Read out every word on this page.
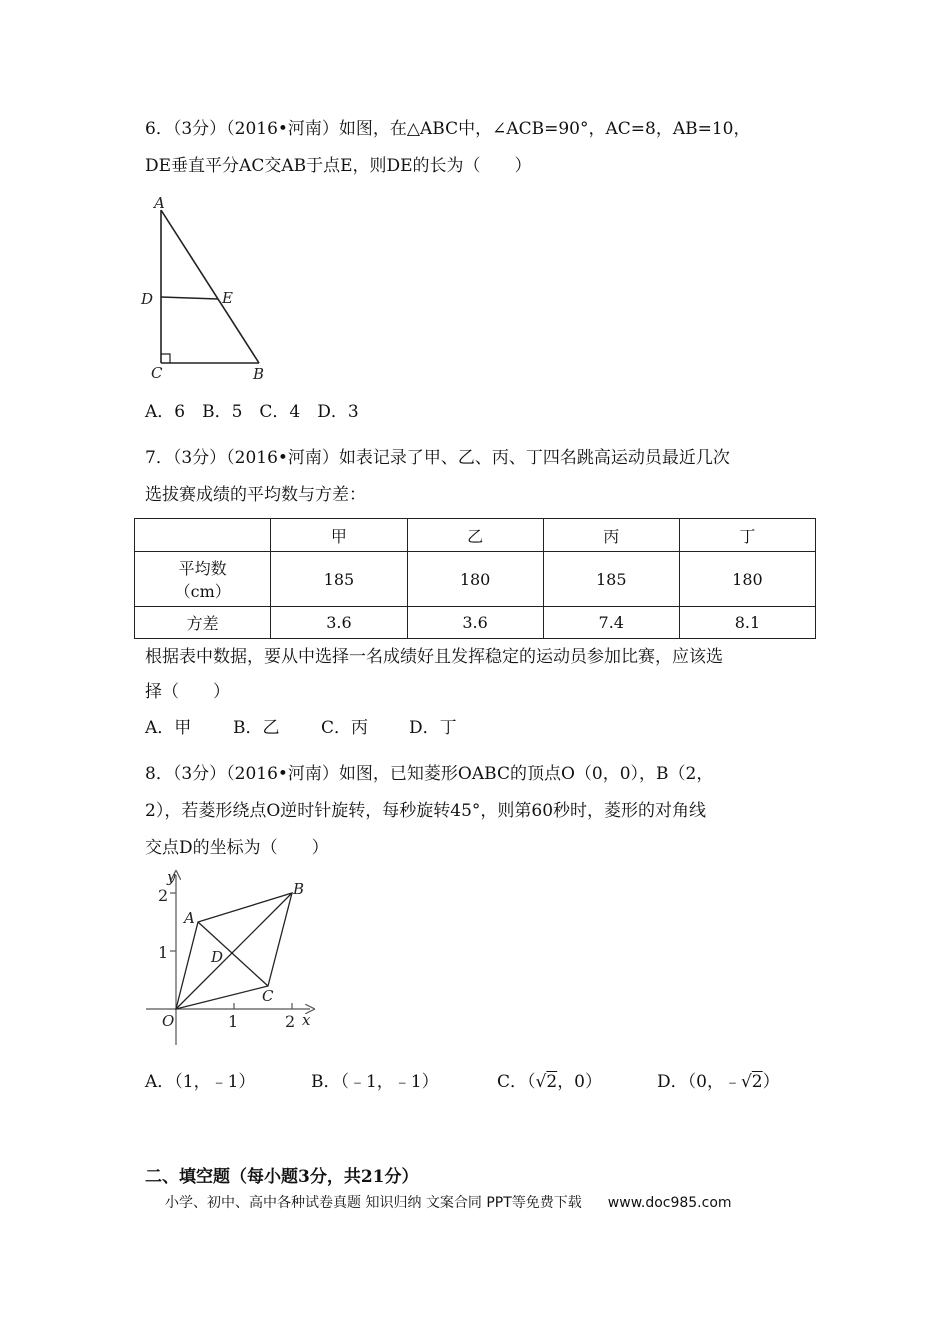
6．（3分）（2016•河南）如图，在△ABC中，∠ACB=90°，AC=8，AB=10，
DE垂直平分AC交AB于点E，则DE的长为（　　）
A
D	E
C	B
A．6　B．5　C．4　D．3
7．（3分）（2016•河南）如表记录了甲、乙、丙、丁四名跳高运动员最近几次
选拔赛成绩的平均数与方差：
	甲	乙	丙	丁

平均数
（cm）	185	180	185	180
方差	3.6	3.6	7.4	8.1
根据表中数据，要从中选择一名成绩好且发挥稳定的运动员参加比赛，应该选
择（　　）
A．甲 B．乙 C．丙 D．丁
8．（3分）（2016•河南）如图，已知菱形OABC的顶点O（0，0），B（2，
2），若菱形绕点O逆时针旋转，每秒旋转45°，则第60秒时，菱形的对角线
交点D的坐标为（　　）
y
x
O
A
B
C
D
2
1
1	2
A．（1，﹣1）	B．（﹣1，﹣1）	C．（√2，0）	D．（0，﹣√2）
二、填空题（每小题3分，共21分）
小学、初中、高中各种试卷真题 知识归纳 文案合同 PPT等免费下载 www.doc985.com
